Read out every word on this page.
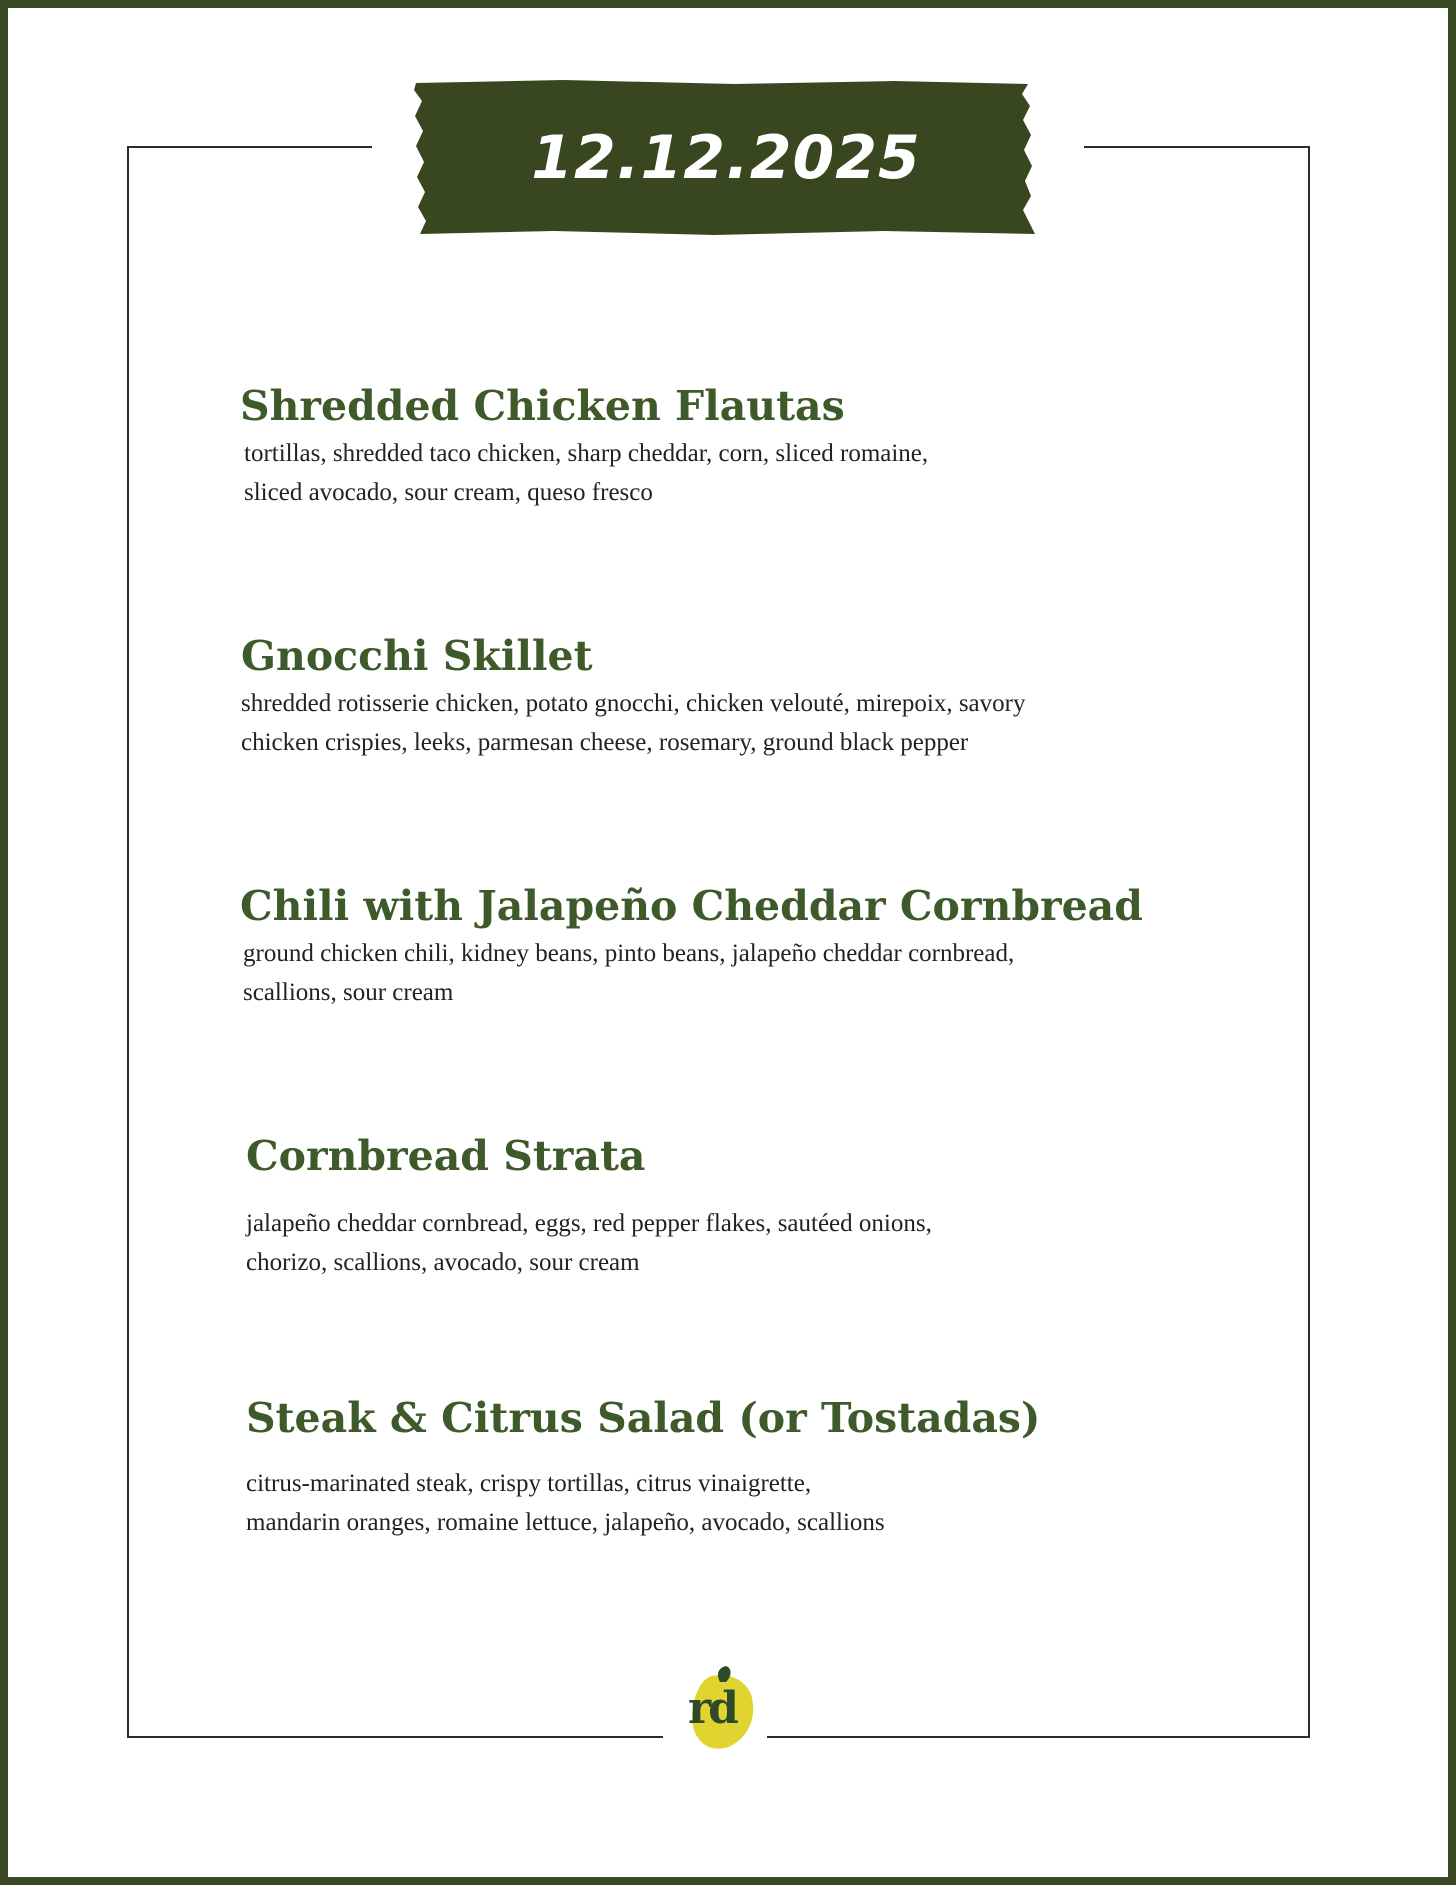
12.12.2025
Shredded Chicken Flautas

tortillas, shredded taco chicken, sharp cheddar, corn, sliced romaine,
sliced avocado, sour cream, queso fresco

Gnocchi Skillet

shredded rotisserie chicken, potato gnocchi, chicken velouté, mirepoix, savory
chicken crispies, leeks, parmesan cheese, rosemary, ground black pepper

Chili with Jalapeño Cheddar Cornbread

ground chicken chili, kidney beans, pinto beans, jalapeño cheddar cornbread,
scallions, sour cream

Cornbread Strata

jalapeño cheddar cornbread, eggs, red pepper flakes, sautéed onions,
chorizo, scallions, avocado, sour cream

Steak & Citrus Salad (or Tostadas)

citrus-marinated steak, crispy tortillas, citrus vinaigrette,
mandarin oranges, romaine lettuce, jalapeño, avocado, scallions

rd
